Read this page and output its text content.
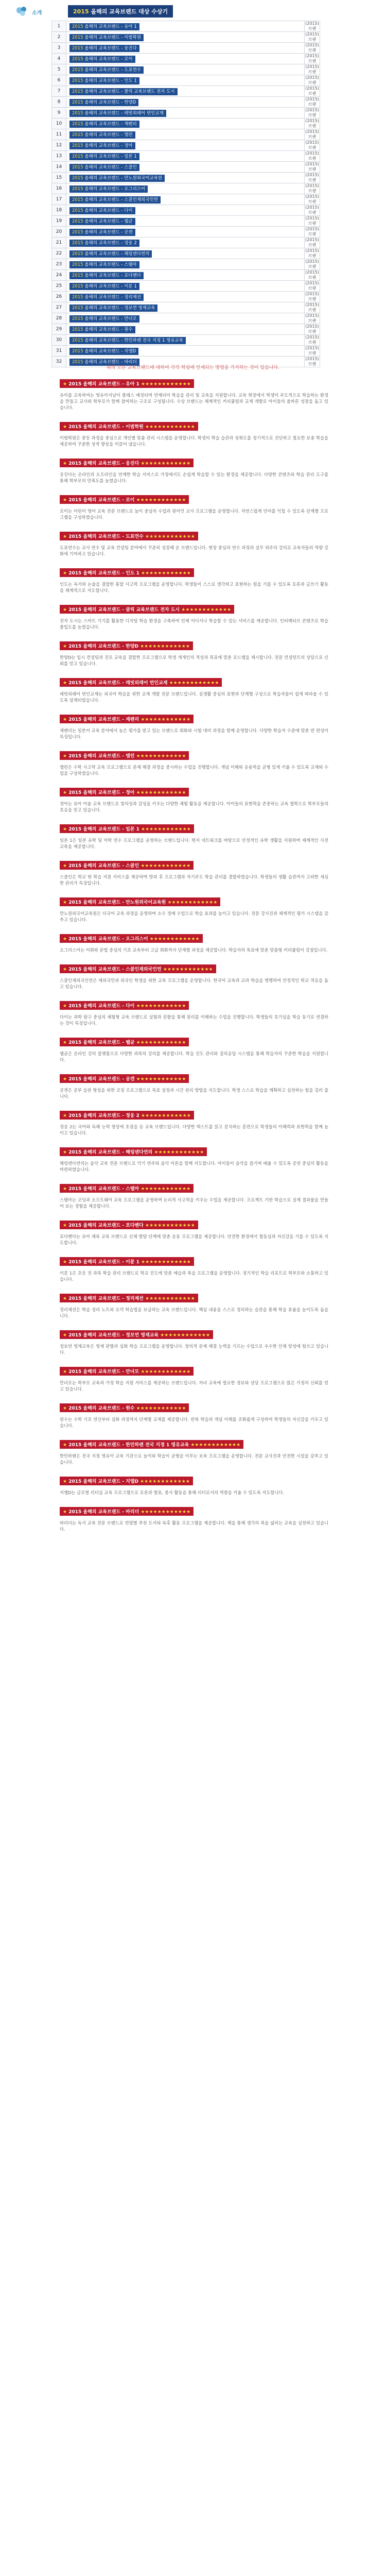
소개	2015 올해의 교육브랜드 대상 수상기
1	2015 올해의 교육브랜드 - 유아 1	(2015) 브랜
2	2015 올해의 교육브랜드 - 이범학원	(2015) 브랜
3	2015 올해의 교육브랜드 - 웅진다	(2015) 브랜
4	2015 올해의 교육브랜드 - 로이	(2015) 브랜
5	2015 올해의 교육브랜드 - 도표연수	(2015) 브랜
6	2015 올해의 교육브랜드 - 인도 1	(2015) 브랜
7	2015 올해의 교육브랜드 - 클릭 교육브랜드 전자 도시	(2015) 브랜
8	2015 올해의 교육브랜드 - 한양D	(2015) 브랜
9	2015 올해의 교육브랜드 - 레빗외래어 번인교재	(2015) 브랜
10	2015 올해의 교육브랜드 - 재팬리	(2015) 브랜
11	2015 올해의 교육브랜드 - 엠런	(2015) 브랜
12	2015 올해의 교육브랜드 - 정아	(2015) 브랜
13	2015 올해의 교육브랜드 - 일본 1	(2015) 브랜
14	2015 올해의 교육브랜드 - 스쿨인	(2015) 브랜
15	2015 올해의 교육브랜드 - 만노원외국어교육원	(2015) 브랜
16	2015 올해의 교육브랜드 - 오그리스어	(2015) 브랜
17	2015 올해의 교육브랜드 - 스쿨인재외국인연	(2015) 브랜
18	2015 올해의 교육브랜드 - 다이	(2015) 브랜
19	2015 올해의 교육브랜드 - 웹균	(2015) 브랜
20	2015 올해의 교육브랜드 - 공겐	(2015) 브랜
21	2015 올해의 교육브랜드 - 정웅 2	(2015) 브랜
22	2015 올해의 교육브랜드 - 해링덴다연의	(2015) 브랜
23	2015 올해의 교육브랜드 - 스텔마	(2015) 브랜
24	2015 올해의 교육브랜드 - 포다벤다	(2015) 브랜
25	2015 올해의 교육브랜드 - 이분 1	(2015) 브랜
26	2015 올해의 교육브랜드 - 정리제션	(2015) 브랜
27	2015 올해의 교육브랜드 - 정보연 영재교육	(2015) 브랜
28	2015 올해의 교육브랜드 - 만녀모	(2015) 브랜
29	2015 올해의 교육브랜드 - 원수	(2015) 브랜
30	2015 올해의 교육브랜드 - 한민하랜 전국 지정 1 영유교육	(2015) 브랜
31	2015 올해의 교육브랜드 - 지엘D	(2015) 브랜
32	2015 올해의 교육브랜드 - 바리더	(2015) 브랜
위의 모든 교육브랜드에 대하여 각각 학설에 인제되는 방법을 가지하는 것이 있습니다.
★ 2015 올해의 교육브랜드 - 유아 1 ★★★★★★★★★★★★

유아를 교육하여는 영유아지남이 클래스 예정되며 연계되어 학습을 관리 및 교육을 지원합니다. 교육 현장에서 학생이 주도적으로 학습하는 환경을 만들고 교사와 학부모가 함께 참여하는 구조로 구성됩니다. 수상 브랜드는 체계적인 커리큘럼과 교재 개발로 아이들의 올바른 성장을 돕고 있습니다.

★ 2015 올해의 교육브랜드 - 이범학원 ★★★★★★★★★★★★

이범학원은 중등 과정을 중심으로 개인별 맞춤 관리 시스템을 운영합니다. 학생의 학습 습관과 성취도를 정기적으로 진단하고 필요한 보충 학습을 제공하여 꾸준한 성적 향상을 이끌어 냈습니다.

★ 2015 올해의 교육브랜드 - 웅진다 ★★★★★★★★★★★★

웅진다는 온라인과 오프라인을 연계한 학습 서비스로 가정에서도 손쉽게 학습할 수 있는 환경을 제공합니다. 다양한 콘텐츠와 학습 관리 도구를 통해 학부모의 만족도를 높였습니다.

★ 2015 올해의 교육브랜드 - 로이 ★★★★★★★★★★★★

로이는 어린이 영어 교육 전문 브랜드로 놀이 중심의 수업과 원어민 교사 프로그램을 운영합니다. 자연스럽게 언어를 익힐 수 있도록 단계별 프로그램을 구성하였습니다.

★ 2015 올해의 교육브랜드 - 도표연수 ★★★★★★★★★★★★

도표연수는 교사 연수 및 교육 컨설팅 분야에서 꾸준히 성장해 온 브랜드입니다. 현장 중심의 연수 과정과 실무 위주의 강의로 교육자들의 역량 강화에 기여하고 있습니다.

★ 2015 올해의 교육브랜드 - 인도 1 ★★★★★★★★★★★★

인도는 독서와 논술을 결합한 통합 사고력 프로그램을 운영합니다. 학생들이 스스로 생각하고 표현하는 힘을 기를 수 있도록 토론과 글쓰기 활동을 체계적으로 지도합니다.

★ 2015 올해의 교육브랜드 - 클릭 교육브랜드 전자 도시 ★★★★★★★★★★★★

전자 도시는 스마트 기기를 활용한 디지털 학습 환경을 구축하여 언제 어디서나 학습할 수 있는 서비스를 제공합니다. 인터랙티브 콘텐츠로 학습 몰입도를 높였습니다.

★ 2015 올해의 교육브랜드 - 한양D ★★★★★★★★★★★★

한양D는 입시 컨설팅과 진로 교육을 결합한 프로그램으로 학생 개개인의 적성과 목표에 맞춘 로드맵을 제시합니다. 전문 컨설턴트의 상담으로 신뢰를 얻고 있습니다.

★ 2015 올해의 교육브랜드 - 레빗외래어 번인교재 ★★★★★★★★★★★★

레빗외래어 번인교재는 외국어 학습을 위한 교재 개발 전문 브랜드입니다. 실생활 중심의 표현과 단계별 구성으로 학습자들이 쉽게 따라올 수 있도록 설계되었습니다.

★ 2015 올해의 교육브랜드 - 재팬리 ★★★★★★★★★★★★

재팬리는 일본어 교육 분야에서 높은 평가를 받고 있는 브랜드로 회화와 시험 대비 과정을 함께 운영합니다. 다양한 학습자 수준에 맞춘 반 편성이 특징입니다.

★ 2015 올해의 교육브랜드 - 엠런 ★★★★★★★★★★★★

엠런은 수학 사고력 교육 프로그램으로 문제 해결 과정을 중시하는 수업을 진행합니다. 개념 이해와 응용력을 균형 있게 키울 수 있도록 교재와 수업을 구성하였습니다.

★ 2015 올해의 교육브랜드 - 정아 ★★★★★★★★★★★★

정아는 유아 미술 교육 브랜드로 창의성과 감성을 키우는 다양한 체험 활동을 제공합니다. 아이들의 표현력을 존중하는 교육 철학으로 학부모들의 호응을 얻고 있습니다.

★ 2015 올해의 교육브랜드 - 일본 1 ★★★★★★★★★★★★

일본 1은 일본 유학 및 어학 연수 프로그램을 운영하는 브랜드입니다. 현지 네트워크를 바탕으로 안정적인 유학 생활을 지원하며 체계적인 사전 교육을 제공합니다.

★ 2015 올해의 교육브랜드 - 스쿨인 ★★★★★★★★★★★★

스쿨인은 학교 밖 학습 지원 서비스를 제공하며 방과 후 프로그램과 자기주도 학습 관리를 결합하였습니다. 학생들의 생활 습관까지 고려한 세심한 관리가 특징입니다.

★ 2015 올해의 교육브랜드 - 만노원외국어교육원 ★★★★★★★★★★★★

만노원외국어교육원은 다국어 교육 과정을 운영하며 소수 정예 수업으로 학습 효과를 높이고 있습니다. 전문 강사진과 체계적인 평가 시스템을 갖추고 있습니다.

★ 2015 올해의 교육브랜드 - 오그리스어 ★★★★★★★★★★★★

오그리스어는 어휘와 문법 중심의 기초 교육부터 고급 회화까지 단계별 과정을 제공합니다. 학습자의 목표에 맞춘 맞춤형 커리큘럼이 강점입니다.

★ 2015 올해의 교육브랜드 - 스쿨인재외국인연 ★★★★★★★★★★★★

스쿨인재외국인연은 재외국민과 외국인 학생을 위한 교육 프로그램을 운영합니다. 한국어 교육과 교과 학습을 병행하여 안정적인 학교 적응을 돕고 있습니다.

★ 2015 올해의 교육브랜드 - 다이 ★★★★★★★★★★★★

다이는 과학 탐구 중심의 체험형 교육 브랜드로 실험과 관찰을 통해 원리를 이해하는 수업을 진행합니다. 학생들의 호기심을 학습 동기로 연결하는 것이 특징입니다.

★ 2015 올해의 교육브랜드 - 웹균 ★★★★★★★★★★★★

웹균은 온라인 강의 플랫폼으로 다양한 과목의 강의를 제공합니다. 학습 진도 관리와 질의응답 시스템을 통해 학습자의 꾸준한 학습을 지원합니다.

★ 2015 올해의 교육브랜드 - 공겐 ★★★★★★★★★★★★

공겐은 공부 습관 형성을 위한 코칭 프로그램으로 목표 설정과 시간 관리 방법을 지도합니다. 학생 스스로 학습을 계획하고 실천하는 힘을 길러 줍니다.

★ 2015 올해의 교육브랜드 - 정웅 2 ★★★★★★★★★★★★

정웅 2는 국어와 독해 능력 향상에 초점을 둔 교육 브랜드입니다. 다양한 텍스트를 읽고 분석하는 훈련으로 학생들의 이해력과 표현력을 함께 높이고 있습니다.

★ 2015 올해의 교육브랜드 - 해링덴다연의 ★★★★★★★★★★★★

해링덴다연의는 음악 교육 전문 브랜드로 악기 연주와 음악 이론을 함께 지도합니다. 아이들이 음악을 즐기며 배울 수 있도록 공연 중심의 활동을 마련하였습니다.

★ 2015 올해의 교육브랜드 - 스텔마 ★★★★★★★★★★★★

스텔마는 코딩과 소프트웨어 교육 프로그램을 운영하며 논리적 사고력을 키우는 수업을 제공합니다. 프로젝트 기반 학습으로 실제 결과물을 만들어 보는 경험을 제공합니다.

★ 2015 올해의 교육브랜드 - 포다벤다 ★★★★★★★★★★★★

포다벤다는 유아 체육 교육 브랜드로 신체 발달 단계에 맞춘 운동 프로그램을 제공합니다. 안전한 환경에서 협동심과 자신감을 기를 수 있도록 지도합니다.

★ 2015 올해의 교육브랜드 - 이분 1 ★★★★★★★★★★★★

이분 1은 초등 전 과목 학습 관리 브랜드로 학교 진도에 맞춘 예습과 복습 프로그램을 운영합니다. 정기적인 학습 리포트로 학부모와 소통하고 있습니다.

★ 2015 올해의 교육브랜드 - 정리제션 ★★★★★★★★★★★★

정리제션은 학습 정리 노트와 요약 학습법을 보급하는 교육 브랜드입니다. 핵심 내용을 스스로 정리하는 습관을 통해 학습 효율을 높이도록 돕습니다.

★ 2015 올해의 교육브랜드 - 정보연 영재교육 ★★★★★★★★★★★★

정보연 영재교육은 영재 판별과 심화 학습 프로그램을 운영합니다. 창의적 문제 해결 능력을 기르는 수업으로 우수한 인재 양성에 힘쓰고 있습니다.

★ 2015 올해의 교육브랜드 - 만녀모 ★★★★★★★★★★★★

만녀모는 학부모 교육과 가정 학습 지원 서비스를 제공하는 브랜드입니다. 자녀 교육에 필요한 정보와 상담 프로그램으로 많은 가정의 신뢰를 얻고 있습니다.

★ 2015 올해의 교육브랜드 - 원수 ★★★★★★★★★★★★

원수는 수학 기초 연산부터 심화 과정까지 단계별 교재를 제공합니다. 반복 학습과 개념 이해를 조화롭게 구성하여 학생들의 자신감을 키우고 있습니다.

★ 2015 올해의 교육브랜드 - 한민하랜 전국 지정 1 영유교육 ★★★★★★★★★★★★

한민하랜은 전국 지정 영유아 교육 기관으로 놀이와 학습이 균형을 이루는 보육 프로그램을 운영합니다. 전문 교사진과 안전한 시설을 갖추고 있습니다.

★ 2015 올해의 교육브랜드 - 지엘D ★★★★★★★★★★★★

지엘D는 글로벌 리더십 교육 프로그램으로 토론과 발표, 봉사 활동을 통해 리더로서의 역량을 키울 수 있도록 지도합니다.

★ 2015 올해의 교육브랜드 - 바리더 ★★★★★★★★★★★★

바리더는 독서 교육 전문 브랜드로 연령별 추천 도서와 독후 활동 프로그램을 제공합니다. 책을 통해 생각의 폭을 넓히는 교육을 실천하고 있습니다.
